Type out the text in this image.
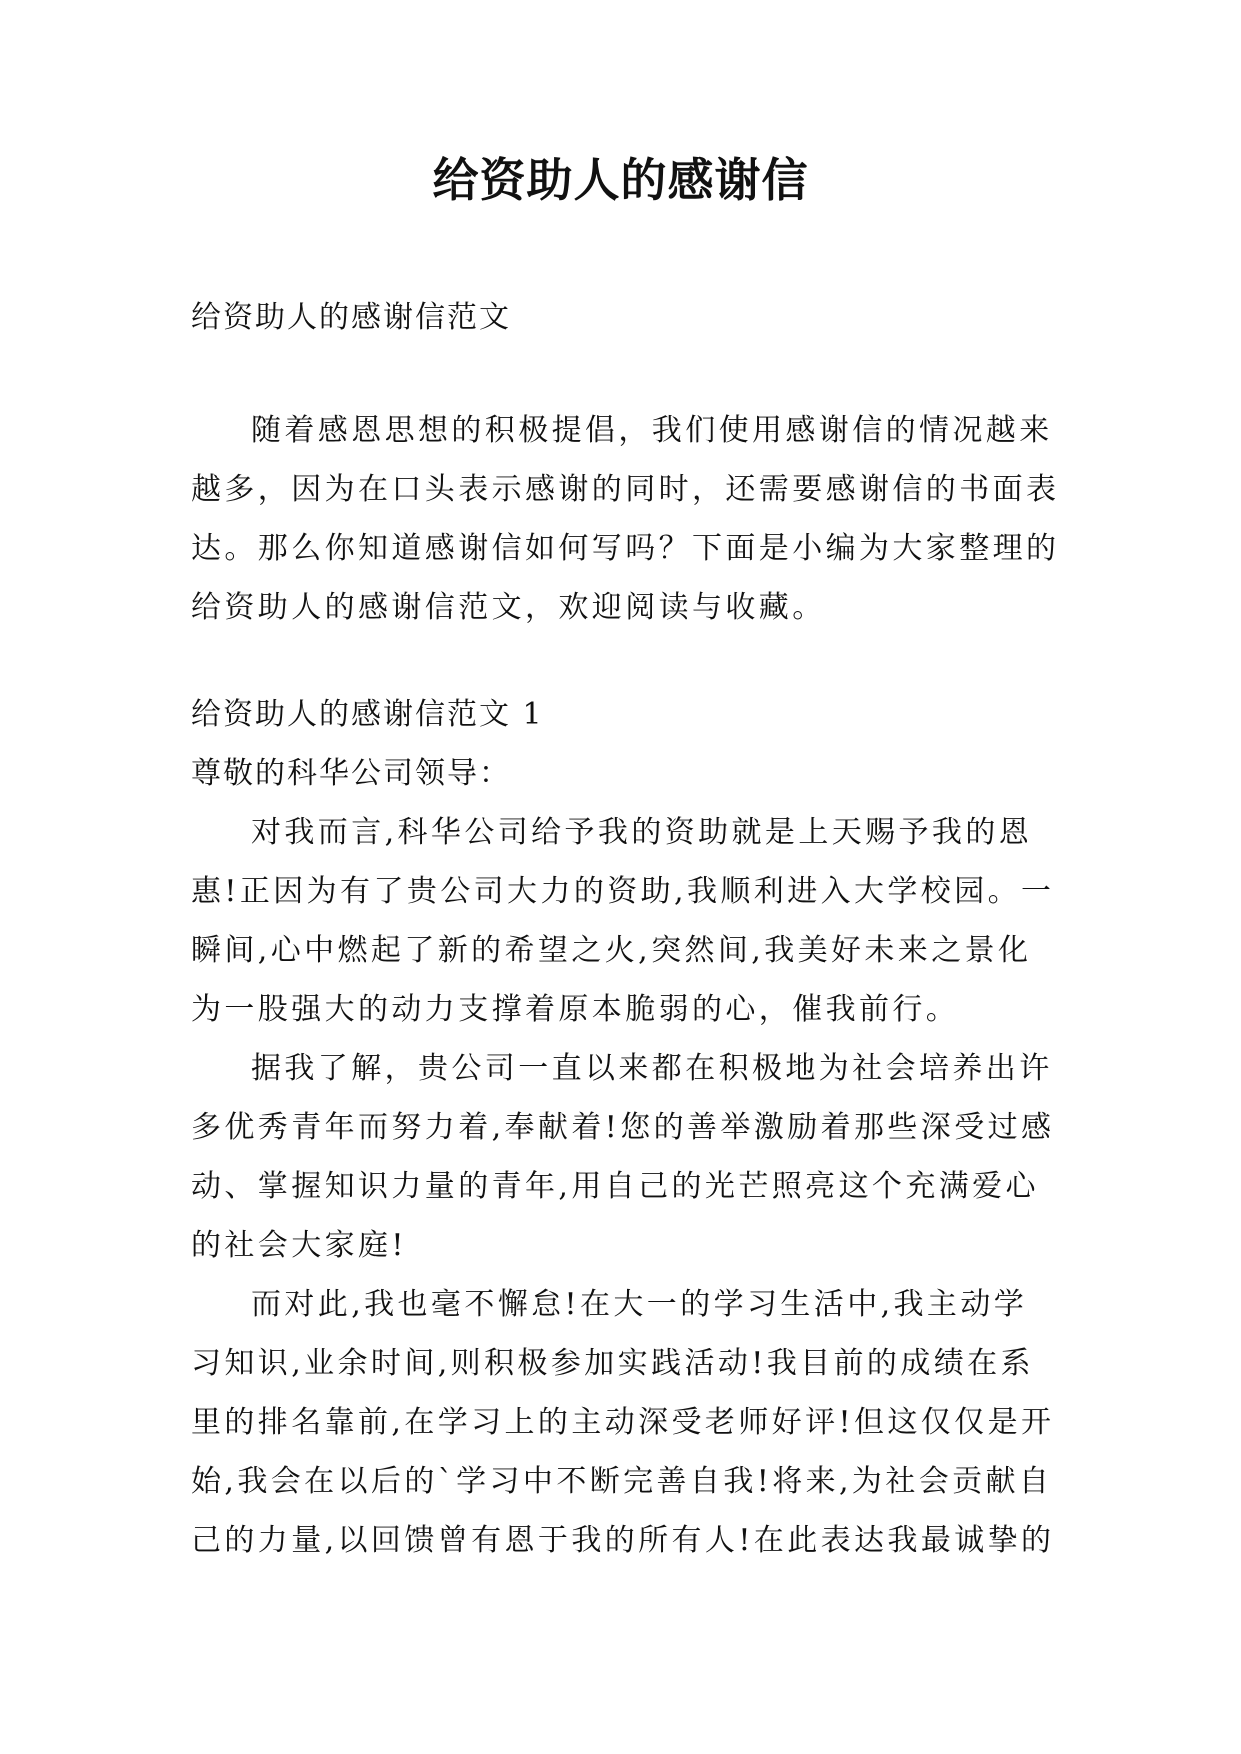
给资助人的感谢信
给资助人的感谢信范文
随着感恩思想的积极提倡，我们使用感谢信的情况越来
越多，因为在口头表示感谢的同时，还需要感谢信的书面表
达。那么你知道感谢信如何写吗？下面是小编为大家整理的
给资助人的感谢信范文，欢迎阅读与收藏。
给资助人的感谢信范文 1
尊敬的科华公司领导：
对我而言,科华公司给予我的资助就是上天赐予我的恩
惠!正因为有了贵公司大力的资助,我顺利进入大学校园。一
瞬间,心中燃起了新的希望之火,突然间,我美好未来之景化
为一股强大的动力支撑着原本脆弱的心，催我前行。
据我了解，贵公司一直以来都在积极地为社会培养出许
多优秀青年而努力着,奉献着!您的善举激励着那些深受过感
动、掌握知识力量的青年,用自己的光芒照亮这个充满爱心
的社会大家庭!
而对此,我也毫不懈怠!在大一的学习生活中,我主动学
习知识,业余时间,则积极参加实践活动!我目前的成绩在系
里的排名靠前,在学习上的主动深受老师好评!但这仅仅是开
始,我会在以后的`学习中不断完善自我!将来,为社会贡献自
己的力量,以回馈曾有恩于我的所有人!在此表达我最诚挚的
